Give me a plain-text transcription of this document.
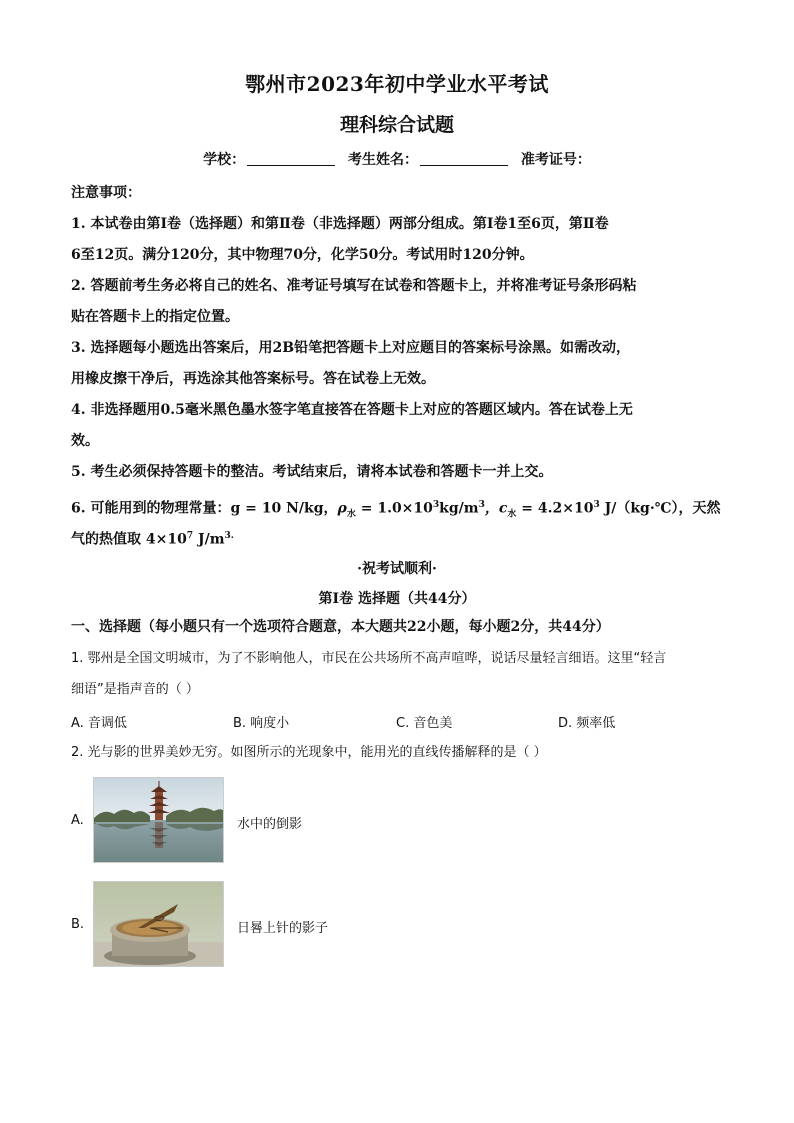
鄂州市2023年初中学业水平考试
理科综合试题
学校：	考生姓名：	准考证号：
注意事项：
1. 本试卷由第Ⅰ卷（选择题）和第Ⅱ卷（非选择题）两部分组成。第Ⅰ卷1至6页，第Ⅱ卷
6至12页。满分120分，其中物理70分，化学50分。考试用时120分钟。
2. 答题前考生务必将自己的姓名、准考证号填写在试卷和答题卡上，并将准考证号条形码粘
贴在答题卡上的指定位置。
3. 选择题每小题选出答案后，用2B铅笔把答题卡上对应题目的答案标号涂黑。如需改动，
用橡皮擦干净后，再选涂其他答案标号。答在试卷上无效。
4. 非选择题用0.5毫米黑色墨水签字笔直接答在答题卡上对应的答题区域内。答在试卷上无
效。
5. 考生必须保持答题卡的整洁。考试结束后，请将本试卷和答题卡一并上交。
6. 可能用到的物理常量：g = 10 N/kg，$\rho_水 = 1.0\times 10^3kg/m^3$，$c_水 = 4.2\times 10^3$ J/（kg·℃），天然
气的热值取 $4\times 10^7$ $J/m^{3.}$
·祝考试顺利·
第Ⅰ卷 选择题（共44分）
一、选择题（每小题只有一个选项符合题意，本大题共22小题，每小题2分，共44分）
1. 鄂州是全国文明城市，为了不影响他人，市民在公共场所不高声喧哗，说话尽量轻言细语。这里“轻言
细语”是指声音的（ ）
A. 音调低	B. 响度小	C. 音色美	D. 频率低
2. 光与影的世界美妙无穷。如图所示的光现象中，能用光的直线传播解释的是（ ）
A.	水中的倒影
B.	日晷上针的影子
